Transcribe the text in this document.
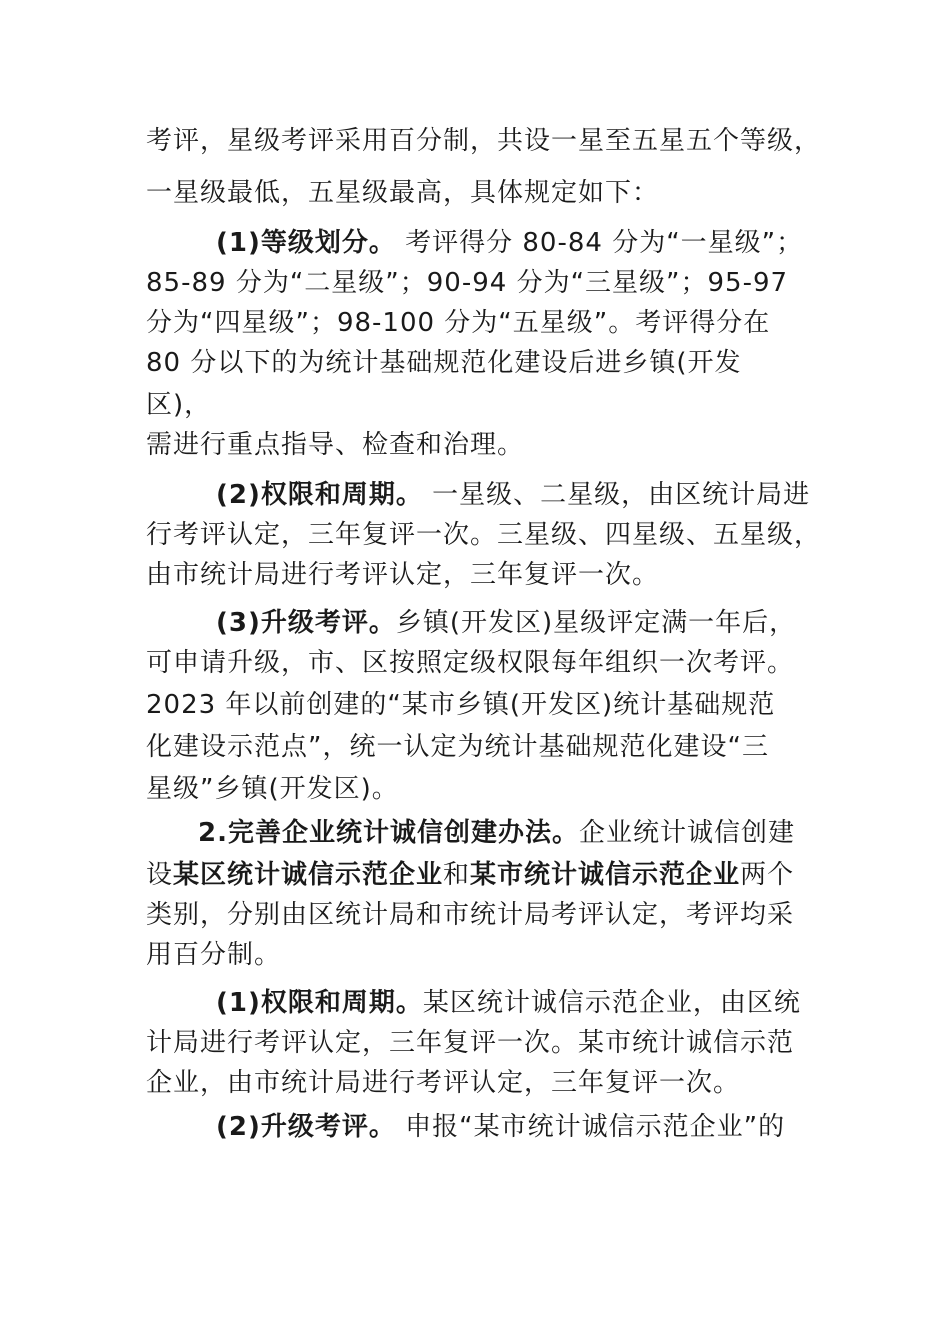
考评，星级考评采用百分制，共设一星至五星五个等级，
一星级最低，五星级最高，具体规定如下：
(1)等级划分。 考评得分 80-84 分为“一星级”；
85-89 分为“二星级”；90-94 分为“三星级”；95-97
分为“四星级”；98-100 分为“五星级”。考评得分在
80 分以下的为统计基础规范化建设后进乡镇(开发
区)，
需进行重点指导、检查和治理。
(2)权限和周期。 一星级、二星级，由区统计局进
行考评认定，三年复评一次。三星级、四星级、五星级，
由市统计局进行考评认定，三年复评一次。
(3)升级考评。乡镇(开发区)星级评定满一年后，
可申请升级，市、区按照定级权限每年组织一次考评。
2023 年以前创建的“某市乡镇(开发区)统计基础规范
化建设示范点”，统一认定为统计基础规范化建设“三
星级”乡镇(开发区)。
2.完善企业统计诚信创建办法。企业统计诚信创建
设某区统计诚信示范企业和某市统计诚信示范企业两个
类别，分别由区统计局和市统计局考评认定，考评均采
用百分制。
(1)权限和周期。某区统计诚信示范企业，由区统
计局进行考评认定，三年复评一次。某市统计诚信示范
企业，由市统计局进行考评认定，三年复评一次。
(2)升级考评。 申报“某市统计诚信示范企业”的
